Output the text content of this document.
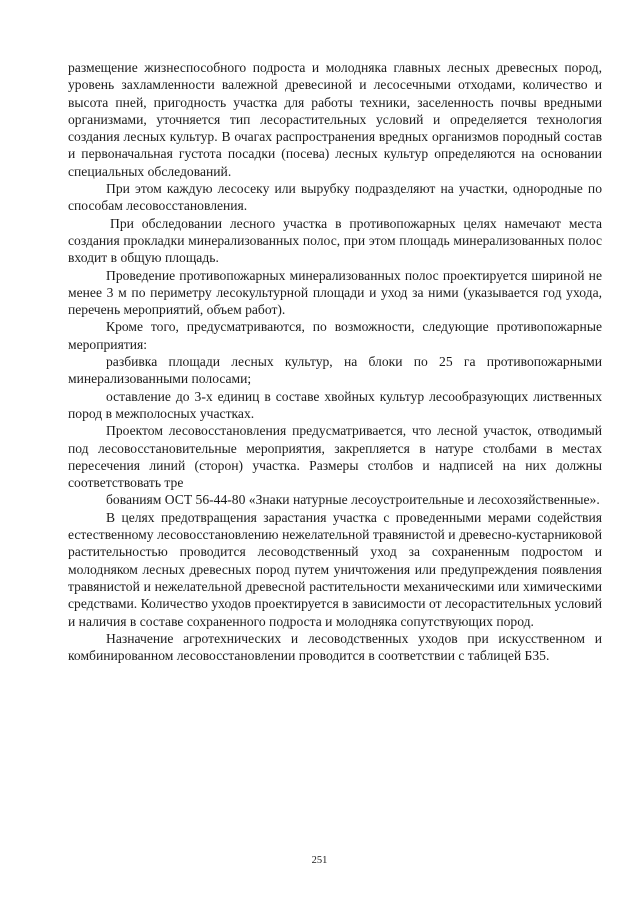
размещение жизнеспособного подроста и молодняка главных лесных древесных пород, уровень захламленности валежной древесиной и лесосечными отходами, количество и высота пней, пригодность участка для работы техники, заселенность почвы вредными организмами, уточняется тип лесорастительных условий и определяется технология создания лесных культур. В очагах распространения вредных организмов породный состав и первоначальная густота посадки (посева) лесных культур определяются на основании специальных обследований.

При этом каждую лесосеку или вырубку подразделяют на участки, однородные по способам лесовосстановления.

При обследовании лесного участка в противопожарных целях намечают места создания прокладки минерализованных полос, при этом площадь минерализованных полос входит в общую площадь.

Проведение противопожарных минерализованных полос проектируется шириной не менее 3 м по периметру лесокультурной площади и уход за ними (указывается год ухода, перечень мероприятий, объем работ).

Кроме того, предусматриваются, по возможности, следующие противопожарные мероприятия:

разбивка площади лесных культур, на блоки по 25 га противопожарными минерализованными полосами;

оставление до 3-х единиц в составе хвойных культур лесообразующих лиственных пород в межполосных участках.

Проектом лесовосстановления предусматривается, что лесной участок, отводимый под лесовосстановительные мероприятия, закрепляется в натуре столбами в местах пересечения линий (сторон) участка. Размеры столбов и надписей на них должны соответствовать тре

бованиям ОСТ 56-44-80 «Знаки натурные лесоустроительные и лесохозяйственные».

В целях предотвращения зарастания участка с проведенными мерами содействия естественному лесовосстановлению нежелательной травянистой и древесно-кустарниковой растительностью проводится лесоводственный уход за сохраненным подростом и молодняком лесных древесных пород путем уничтожения или предупреждения появления травянистой и нежелательной древесной растительности механическими или химическими средствами. Количество уходов проектируется в зависимости от лесорастительных условий и наличия в составе сохраненного подроста и молодняка сопутствующих пород.

Назначение агротехнических и лесоводственных уходов при искусственном и комбинированном лесовосстановлении проводится в соответствии с таблицей Б35.

251
